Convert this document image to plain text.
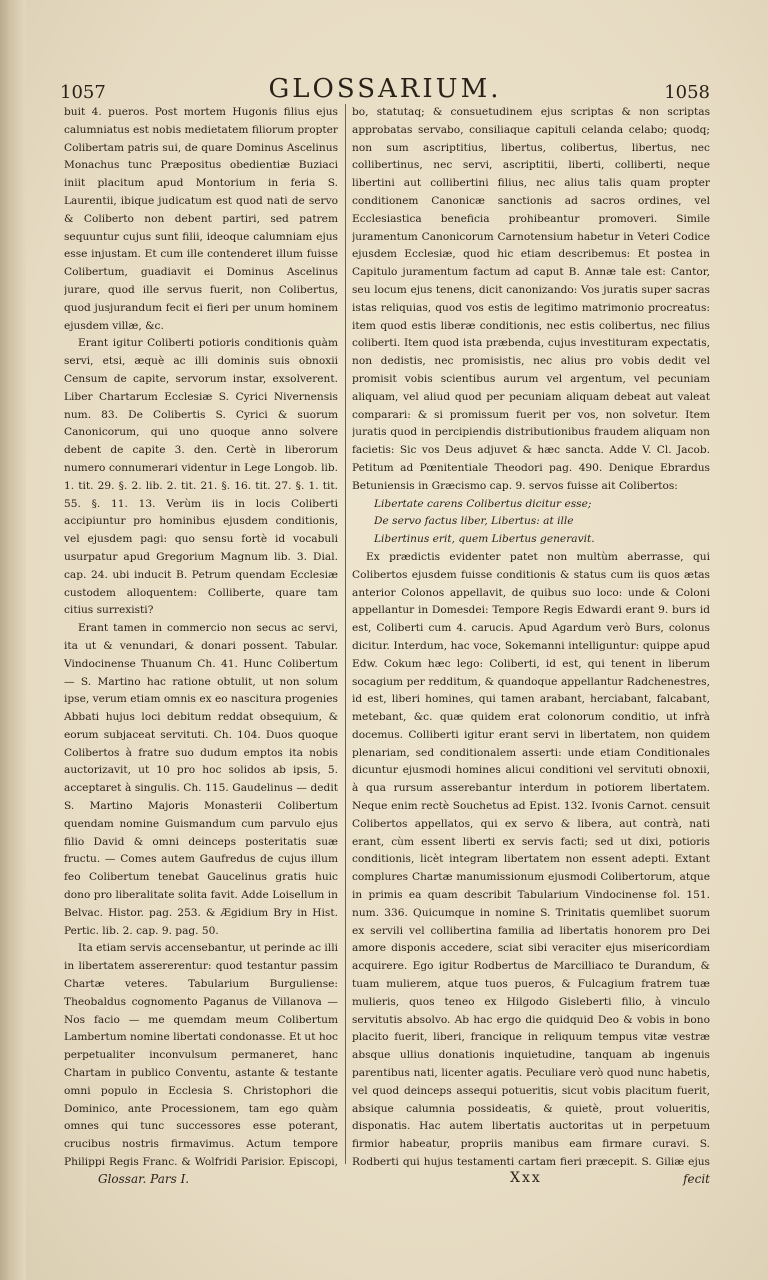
1057	GLOSSARIUM.	1058

buit 4. pueros. Post mortem Hugonis filius ejus calumniatus est nobis medietatem filiorum propter Colibertam patris sui, de quare Dominus Ascelinus Monachus tunc Præpositus obedientiæ Buziaci iniit placitum apud Montorium in feria S. Laurentii, ibique judicatum est quod nati de servo & Coliberto non debent partiri, sed patrem sequuntur cujus sunt filii, ideoque calumniam ejus esse injustam. Et cum ille contenderet illum fuisse Colibertum, guadiavit ei Dominus Ascelinus jurare, quod ille servus fuerit, non Colibertus, quod jusjurandum fecit ei fieri per unum hominem ejusdem villæ, &c.

Erant igitur Coliberti potioris conditionis quàm servi, etsi, æquè ac illi dominis suis obnoxii Censum de capite, servorum instar, exsolverent. Liber Chartarum Ecclesiæ S. Cyrici Nivernensis num. 83. De Colibertis S. Cyrici & suorum Canonicorum, qui uno quoque anno solvere debent de capite 3. den. Certè in liberorum numero connumerari videntur in Lege Longob. lib. 1. tit. 29. §. 2. lib. 2. tit. 21. §. 16. tit. 27. §. 1. tit. 55. §. 11. 13. Verùm iis in locis Coliberti accipiuntur pro hominibus ejusdem conditionis, vel ejusdem pagi: quo sensu fortè id vocabuli usurpatur apud Gregorium Magnum lib. 3. Dial. cap. 24. ubi inducit B. Petrum quendam Ecclesiæ custodem alloquentem: Colliberte, quare tam citius surrexisti?

Erant tamen in commercio non secus ac servi, ita ut & venundari, & donari possent. Tabular. Vindocinense Thuanum Ch. 41. Hunc Colibertum — S. Martino hac ratione obtulit, ut non solum ipse, verum etiam omnis ex eo nascitura progenies Abbati hujus loci debitum reddat obsequium, & eorum subjaceat servituti. Ch. 104. Duos quoque Colibertos à fratre suo dudum emptos ita nobis auctorizavit, ut 10 pro hoc solidos ab ipsis, 5. acceptaret à singulis. Ch. 115. Gaudelinus — dedit S. Martino Majoris Monasterii Colibertum quendam nomine Guismandum cum parvulo ejus filio David & omni deinceps posteritatis suæ fructu. — Comes autem Gaufredus de cujus illum feo Colibertum tenebat Gaucelinus gratis huic dono pro liberalitate solita favit. Adde Loisellum in Belvac. Histor. pag. 253. & Ægidium Bry in Hist. Pertic. lib. 2. cap. 9. pag. 50.

Ita etiam servis accensebantur, ut perinde ac illi in libertatem assererentur: quod testantur passim Chartæ veteres. Tabularium Burguliense: Theobaldus cognomento Paganus de Villanova — Nos facio — me quemdam meum Colibertum Lambertum nomine libertati condonasse. Et ut hoc perpetualiter inconvulsum permaneret, hanc Chartam in publico Conventu, astante & testante omni populo in Ecclesia S. Christophori die Dominico, ante Processionem, tam ego quàm omnes qui tunc successores esse poterant, crucibus nostris firmavimus. Actum tempore Philippi Regis Franc. & Wolfridi Parisior. Episcopi,

bo, statutaq; & consuetudinem ejus scriptas & non scriptas approbatas servabo, consiliaque capituli celanda celabo; quodq; non sum ascriptitius, libertus, colibertus, libertus, nec collibertinus, nec servi, ascriptitii, liberti, colliberti, neque libertini aut collibertini filius, nec alius talis quam propter conditionem Canonicæ sanctionis ad sacros ordines, vel Ecclesiastica beneficia prohibeantur promoveri. Simile juramentum Canonicorum Carnotensium habetur in Veteri Codice ejusdem Ecclesiæ, quod hic etiam describemus: Et postea in Capitulo juramentum factum ad caput B. Annæ tale est: Cantor, seu locum ejus tenens, dicit canonizando: Vos juratis super sacras istas reliquias, quod vos estis de legitimo matrimonio procreatus: item quod estis liberæ conditionis, nec estis colibertus, nec filius coliberti. Item quod ista præbenda, cujus investituram expectatis, non dedistis, nec promisistis, nec alius pro vobis dedit vel promisit vobis scientibus aurum vel argentum, vel pecuniam aliquam, vel aliud quod per pecuniam aliquam debeat aut valeat comparari: & si promissum fuerit per vos, non solvetur. Item juratis quod in percipiendis distributionibus fraudem aliquam non facietis: Sic vos Deus adjuvet & hæc sancta. Adde V. Cl. Jacob. Petitum ad Pœnitentiale Theodori pag. 490. Denique Ebrardus Betuniensis in Græcismo cap. 9. servos fuisse ait Colibertos:

Libertate carens Colibertus dicitur esse;

De servo factus liber, Libertus: at ille

Libertinus erit, quem Libertus generavit.

Ex prædictis evidenter patet non multùm aberrasse, qui Colibertos ejusdem fuisse conditionis & status cum iis quos ætas anterior Colonos appellavit, de quibus suo loco: unde & Coloni appellantur in Domesdei: Tempore Regis Edwardi erant 9. burs id est, Coliberti cum 4. carucis. Apud Agardum verò Burs, colonus dicitur. Interdum, hac voce, Sokemanni intelliguntur: quippe apud Edw. Cokum hæc lego: Coliberti, id est, qui tenent in liberum socagium per redditum, & quandoque appellantur Radchenestres, id est, liberi homines, qui tamen arabant, herciabant, falcabant, metebant, &c. quæ quidem erat colonorum conditio, ut infrà docemus. Colliberti igitur erant servi in libertatem, non quidem plenariam, sed conditionalem asserti: unde etiam Conditionales dicuntur ejusmodi homines alicui conditioni vel servituti obnoxii, à qua rursum asserebantur interdum in potiorem libertatem. Neque enim rectè Souchetus ad Epist. 132. Ivonis Carnot. censuit Colibertos appellatos, qui ex servo & libera, aut contrà, nati erant, cùm essent liberti ex servis facti; sed ut dixi, potioris conditionis, licèt integram libertatem non essent adepti. Extant complures Chartæ manumissionum ejusmodi Colibertorum, atque in primis ea quam describit Tabularium Vindocinense fol. 151. num. 336. Quicumque in nomine S. Trinitatis quemlibet suorum ex servili vel collibertina familia ad libertatis honorem pro Dei amore disponis accedere, sciat sibi veraciter ejus misericordiam acquirere. Ego igitur Rodbertus de Marcilliaco te Durandum, & tuam mulierem, atque tuos pueros, & Fulcagium fratrem tuæ mulieris, quos teneo ex Hilgodo Gisleberti filio, à vinculo servitutis absolvo. Ab hac ergo die quidquid Deo & vobis in bono placito fuerit, liberi, francique in reliquum tempus vitæ vestræ absque ullius donationis inquietudine, tanquam ab ingenuis parentibus nati, licenter agatis. Peculiare verò quod nunc habetis, vel quod deinceps assequi potueritis, sicut vobis placitum fuerit, absique calumnia possideatis, & quietè, prout volueritis, disponatis. Hac autem libertatis auctoritas ut in perpetuum firmior habeatur, propriis manibus eam firmare curavi. S. Rodberti qui hujus testamenti cartam fieri præcepit. S. Giliæ ejus

Glossar. Pars I.	Xxx	fecit
